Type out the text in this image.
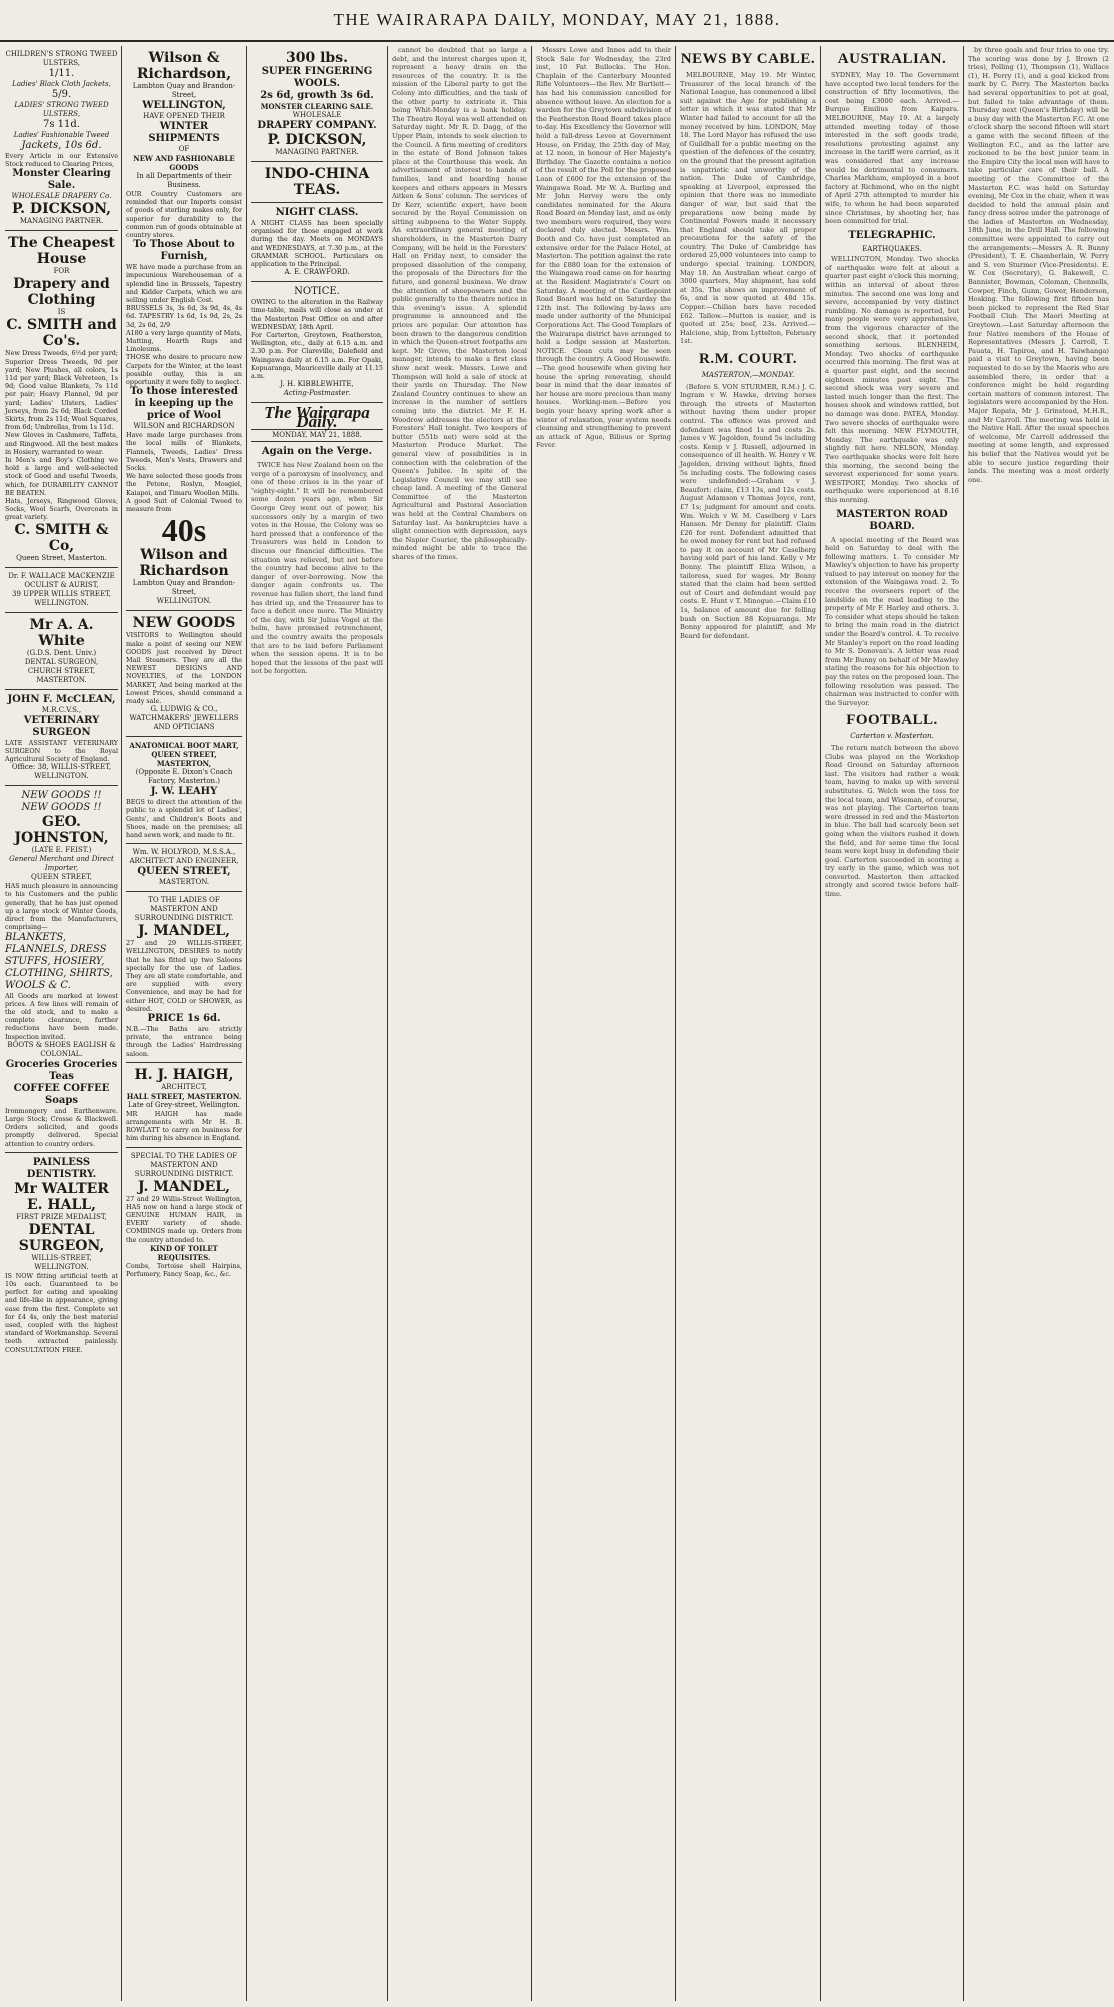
THE WAIRARAPA DAILY, MONDAY, MAY 21, 1888.
CHILDREN'S STRONG TWEED
ULSTERS,
1/11.
Ladies' Black Cloth Jackets,
5/9.
LADIES' STRONG TWEED ULSTERS,
7s 11d.
Ladies' Fashionable Tweed
Jackets, 10s 6d.
Every Article in our Extensive Stock reduced to Clearing Prices,
Monster Clearing Sale.
WHOLESALE DRAPERY Co.
P. DICKSON,
MANAGING PARTNER.
The Cheapest House
FOR
Drapery and Clothing
IS
C. SMITH and Co's.
New Dress Tweeds, 6½d per yard; Superior Dress Tweeds, 9d per yard; New Plushes, all colors, 1s 11d per yard; Black Velveteen, 1s 9d; Good value Blankets, 7s 11d per pair; Heavy Flannel, 9d per yard; Ladies' Ulsters, Ladies' Jerseys, from 2s 6d; Black Corded Skirts, from 2s 11d; Wool Squares, from 6d; Umbrellas, from 1s 11d.
New Gloves in Cashmere, Taffeta, and Ringwood. All the best makes in Hosiery, warranted to wear.
In Men's and Boy's Clothing we hold a large and well-selected stock of Good and useful Tweeds, which, for DURABILITY CANNOT BE BEATEN.
Hats, Jerseys, Ringwood Gloves, Socks, Wool Scarfs, Overcoats in great variety.
C. SMITH & Co,
Queen Street, Masterton.
Dr. F. WALLACE MACKENZIE
OCULIST & AURIST,
39 UPPER WILLIS STREET, WELLINGTON.
Mr A. A. White
(G.D.S. Dent. Univ.)
DENTAL SURGEON,
CHURCH STREET, MASTERTON.
JOHN F. McCLEAN,
M.R.C.V.S.,
VETERINARY SURGEON
LATE ASSISTANT VETERINARY SURGEON to the Royal Agricultural Society of England.
Office: 38, WILLIS-STREET, WELLINGTON.
NEW GOODS !!
NEW GOODS !!
GEO. JOHNSTON,
(LATE E. FEIST.)
General Merchant and Direct Importer,
QUEEN STREET,
HAS much pleasure in announcing to his Customers and the public generally, that he has just opened up a large stock of Winter Goods, direct from the Manufacturers, comprising—
BLANKETS, FLANNELS, DRESS STUFFS, HOSIERY, CLOTHING, SHIRTS, WOOLS & C.
All Goods are marked at lowest prices. A few lines will remain of the old stock, and to make a complete clearance, further reductions have been made. Inspection invited.
BOOTS & SHOES EAGLISH & COLONIAL.
Groceries Groceries
Teas
COFFEE COFFEE
Soaps
Ironmongery and Earthenware. Large Stock; Crosse & Blackwell. Orders solicited, and goods promptly delivered. Special attention to country orders.
PAINLESS DENTISTRY.
Mr WALTER E. HALL,
FIRST PRIZE MEDALIST,
DENTAL SURGEON,
WILLIS-STREET, WELLINGTON.
IS NOW fitting artificial teeth at 10s each. Guaranteed to be perfect for eating and speaking and life-like in appearance, giving ease from the first. Complete set for £4 4s, only the best material used, coupled with the highest standard of Workmanship. Several teeth extracted painlessly. CONSULTATION FREE.
Wilson & Richardson,
Lambton Quay and Brandon-Street,
WELLINGTON,
HAVE OPENED THEIR
WINTER SHIPMENTS
OF
NEW AND FASHIONABLE GOODS
In all Departments of their Business.
OUR Country Customers are reminded that our Imports consist of goods of sterling makes only, for superior for durability to the common run of goods obtainable at country stores.
To Those About to Furnish,
WE have made a purchase from an impecunious Warehouseman of a splendid line in Brussels, Tapestry and Kidder Carpets, which we are selling under English Cost.
BRUSSELS 3s, 3s 6d, 3s 9d, 4s, 4s 6d. TAPESTRY 1s 6d, 1s 9d, 2s, 2s 3d, 2s 6d, 2/9
A180 a very large quantity of Mats, Matting, Hearth Rugs and Linoleums.
THOSE who desire to procure new Carpets for the Winter, at the least possible outlay, this is an opportunity it were folly to neglect.
To those interested in keeping up the price of Wool
WILSON and RICHARDSON
Have made large purchases from the local mills of Blankets, Flannels, Tweeds, Ladies' Dress Tweeds, Men's Vests, Drawers and Socks.
We have selected these goods from the Petone, Roslyn, Mosgiel, Kaiapoi, and Timaru Woollen Mills.
A good Suit of Colonial Tweed to measure from
40s
Wilson and Richardson
Lambton Quay and Brandon-Street,
WELLINGTON.
NEW GOODS
VISITORS to Wellington should make a point of seeing our NEW GOODS just received by Direct Mail Steamers. They are all the NEWEST DESIGNS AND NOVELTIES, of the LONDON MARKET, And being marked at the Lowest Prices, should command a ready sale.
G. LUDWIG & CO.,
WATCHMAKERS' JEWELLERS AND OPTICIANS
ANATOMICAL BOOT MART, QUEEN STREET, MASTERTON,
(Opposite E. Dixon's Coach Factory, Masterton.)
J. W. LEAHY
BEGS to direct the attention of the public to a splendid lot of Ladies', Gents', and Children's Boots and Shoes, made on the premises; all hand sewn work, and made to fit.
Wm. W. HOLYROD, M.S.S.A.,
ARCHITECT AND ENGINEER,
QUEEN STREET,
MASTERTON.
TO THE LADIES OF MASTERTON AND SURROUNDING DISTRICT.
J. MANDEL,
27 and 29 WILLIS-STREET, WELLINGTON, DESIRES to notify that he has fitted up two Saloons specially for the use of Ladies. They are all state comfortable, and are supplied with every Convenience, and may be had for either HOT, COLD or SHOWER, as desired.
PRICE 1s 6d.
N.B.—The Baths are strictly private, the entrance being through the Ladies' Hairdressing saloon.
H. J. HAIGH,
ARCHITECT,
HALL STREET, MASTERTON.
Late of Grey-street, Wellington.
MR HAIGH has made arrangements with Mr H. B. ROWLATT to carry on business for him during his absence in England.
SPECIAL TO THE LADIES OF MASTERTON AND SURROUNDING DISTRICT.
J. MANDEL,
27 and 29 Willis-Street Wellington, HAS now on hand a large stock of GENUINE HUMAN HAIR, in EVERY variety of shade. COMBINGS made up. Orders from the country attended to.
KIND OF TOILET REQUISITES.
Combs, Tortoise shell Hairpins, Perfumery, Fancy Soap, &c., &c.
300 lbs.
SUPER FINGERING WOOLS.
2s 6d, growth 3s 6d.
MONSTER CLEARING SALE.
WHOLESALE
DRAPERY COMPANY.
P. DICKSON,
MANAGING PARTNER.
INDO-CHINA TEAS.
NIGHT CLASS.
A NIGHT CLASS has been specially organised for those engaged at work during the day. Meets on MONDAYS and WEDNESDAYS, at 7.30 p.m., at the GRAMMAR SCHOOL. Particulars on application to the Principal.
A. E. CRAWFORD.
NOTICE.
OWING to the alteration in the Railway time-table, mails will close as under at the Masterton Post Office on and after WEDNESDAY, 18th April.
For Carterton, Greytown, Featherston, Wellington, etc., daily at 6.15 a.m. and 2.30 p.m. For Clareville, Dalefield and Waingawa daily at 6.15 a.m. For Opaki, Kopuaranga, Mauriceville daily at 11.15 a.m.
J. H. KIBBLEWHITE,
Acting-Postmaster.
The Wairarapa Daily.
MONDAY, MAY 21, 1888.
Again on the Verge.

TWICE has New Zealand been on the verge of a paroxysm of insolvency, and one of these crises is in the year of "eighty-eight." It will be remembered some dozen years ago, when Sir George Grey went out of power, his successors only by a margin of two votes in the House, the Colony was so hard pressed that a conference of the Treasurers was held in London to discuss our financial difficulties. The situation was relieved, but not before the country had become alive to the danger of over-borrowing. Now the danger again confronts us. The revenue has fallen short, the land fund has dried up, and the Treasurer has to face a deficit once more. The Ministry of the day, with Sir Julius Vogel at the helm, have promised retrenchment, and the country awaits the proposals that are to be laid before Parliament when the session opens. It is to be hoped that the lessons of the past will not be forgotten.

cannot be doubted that so large a debt, and the interest charges upon it, represent a heavy drain on the resources of the country. It is the mission of the Liberal party to get the Colony into difficulties, and the task of the other party to extricate it. This being Whit-Monday is a bank holiday. The Theatre Royal was well attended on Saturday night. Mr R. D. Dagg, of the Upper Plain, intends to seek election to the Council. A firm meeting of creditors in the estate of Bond Johnson takes place at the Courthouse this week. An advertisement of interest to hands of families, land and boarding house keepers and others appears in Messrs Aitken & Sons' column. The services of Dr Kerr, scientific expert, have been secured by the Royal Commission on sitting subpoena to the Water Supply. An extraordinary general meeting of shareholders, in the Masterton Dairy Company, will be held in the Foresters' Hall on Friday next, to consider the proposed dissolution of the company, the proposals of the Directors for the future, and general business. We draw the attention of sheepowners and the public generally to the theatre notice in this evening's issue. A splendid programme is announced and the prices are popular. Our attention has been drawn to the dangerous condition in which the Queen-street footpaths are kept. Mr Grove, the Masterton local manager, intends to make a first class show next week. Messrs. Lowe and Thompson will hold a sale of stock at their yards on Thursday. The New Zealand Country continues to shew an increase in the number of settlers coming into the district. Mr F. H. Woodrow addresses the electors at the Foresters' Hall tonight. Two keepers of butter (551b net) were sold at the Masterton Produce Market. The general view of possibilities is in connection with the celebration of the Queen's Jubilee. In spite of the Legislative Council we may still see cheap land. A meeting of the General Committee of the Masterton Agricultural and Pastoral Association was held at the Central Chambers on Saturday last. As bankruptcies have a slight connection with depression, says the Napier Courier, the philosophically-minded might be able to trace the shares of the times.

Messrs Lowe and Innes add to their Stock Sale for Wednesday, the 23rd inst, 10 Fat Bullocks. The Hon. Chaplain of the Canterbury Mounted Rifle Volunteers—the Rev. Mr Bartlett—has had his commission cancelled for absence without leave. An election for a warden for the Greytown subdivision of the Featherston Road Board takes place to-day. His Excellency the Governor will hold a full-dress Levee at Government House, on Friday, the 25th day of May, at 12 noon, in honour of Her Majesty's Birthday. The Gazette contains a notice of the result of the Poll for the proposed Loan of £600 for the extension of the Waingawa Road. Mr W. A. Burling and Mr John Hervey were the only candidates nominated for the Akura Road Board on Monday last, and as only two members were required, they were declared duly elected. Messrs. Wm. Booth and Co. have just completed an extensive order for the Palace Hotel, at Masterton. The petition against the rate for the £880 loan for the extension of the Waingawa road came on for hearing at the Resident Magistrate's Court on Saturday. A meeting of the Castlepoint Road Board was held on Saturday the 12th inst. The following by-laws are made under authority of the Municipal Corporations Act. The Good Templars of the Wairarapa district have arranged to hold a Lodge session at Masterton. NOTICE. Clean cuts may be seen through the country. A Good Housewife.—The good housewife when giving her house the spring renovating, should bear in mind that the dear inmates of her house are more precious than many houses. Working-men.—Before you begin your heavy spring work after a winter of relaxation, your system needs cleansing and strengthening to prevent an attack of Ague, Bilious or Spring Fever.

NEWS BY CABLE.

MELBOURNE, May 19. Mr Winter, Treasurer of the local branch of the National League, has commenced a libel suit against the Age for publishing a letter in which it was stated that Mr Winter had failed to account for all the money received by him. LONDON, May 18. The Lord Mayor has refused the use of Guildhall for a public meeting on the question of the defences of the country, on the ground that the present agitation is unpatriotic and unworthy of the nation. The Duke of Cambridge, speaking at Liverpool, expressed the opinion that there was no immediate danger of war, but said that the preparations now being made by Continental Powers made it necessary that England should take all proper precautions for the safety of the country. The Duke of Cambridge has ordered 25,000 volunteers into camp to undergo special training. LONDON, May 18. An Australian wheat cargo of 3000 quarters, May shipment, has sold at 35s. The shows an improvement of 6s, and is now quoted at 48d 15s. Copper.—Chilian bars have receded £62. Tallow.—Mutton is easier, and is quoted at 25s; beef, 23s. Arrived.—Halcione, ship, from Lyttelton, February 1st.

R.M. COURT.
MASTERTON,—MONDAY.

(Before S. VON STURMER, R.M.) J. C. Ingram v W. Hawke, driving horses through the streets of Masterton without having them under proper control. The offence was proved and defendant was fined 1s and costs 2s. James v W. Jagolden, found 5s including costs. Kemp v J. Russell, adjourned in consequence of ill health. W. Henry v W. Jagolden, driving without lights, fined 5s including costs. The following cases were undefended:—Graham v J. Beaufort: claim, £13 13s, and 12s costs. August Adamson v Thomas Joyce, rent, £7 1s; judgment for amount and costs. Wm. Welch v W. M. Caselberg v Lars Hansen. Mr Denny for plaintiff. Claim £26 for rent. Defendant admitted that he owed money for rent but had refused to pay it on account of Mr Caselberg having sold part of his land. Kelly v Mr Bonny. The plaintiff Eliza Wilson, a tailoress, sued for wages. Mr Bonny stated that the claim had been settled out of Court and defendant would pay costs. E. Hunt v T. Minogue.—Claim £10 1s, balance of amount due for felling bush on Section 88 Kopuaranga. Mr Bonny appeared for plaintiff, and Mr Beard for defendant.

AUSTRALIAN.

SYDNEY, May 19. The Government have accepted two local tenders for the construction of fifty locomotives, the cost being £3000 each. Arrived.—Burque Emilius from Kaipara. MELBOURNE, May 19. At a largely attended meeting today of those interested in the soft goods trade, resolutions protesting against any increase in the tariff were carried, as it was considered that any increase would be detrimental to consumers. Charles Markham, employed in a boot factory at Richmond, who on the night of April 27th attempted to murder his wife, to whom he had been separated since Christmas, by shooting her, has been committed for trial.

TELEGRAPHIC.
EARTHQUAKES.

WELLINGTON, Monday. Two shocks of earthquake were felt at about a quarter past eight o'clock this morning, within an interval of about three minutes. The second one was long and severe, accompanied by very distinct rumbling. No damage is reported, but many people were very apprehensive, from the vigorous character of the second shock, that it portended something serious. BLENHEIM, Monday. Two shocks of earthquake occurred this morning. The first was at a quarter past eight, and the second eighteen minutes past eight. The second shock was very severe and lasted much longer than the first. The houses shook and windows rattled, but no damage was done. PATEA, Monday. Two severe shocks of earthquake were felt this morning. NEW PLYMOUTH, Monday. The earthquake was only slightly felt here. NELSON, Monday. Two earthquake shocks were felt here this morning, the second being the severest experienced for some years. WESTPORT, Monday. Two shocks of earthquake were experienced at 8.16 this morning.

MASTERTON ROAD BOARD.

A special meeting of the Board was held on Saturday to deal with the following matters. 1. To consider Mr Mawley's objection to have his property valued to pay interest on money for the extension of the Waingawa road. 2. To receive the overseers report of the landslide on the road leading to the property of Mr F. Harley and others. 3. To consider what steps should be taken to bring the main road in the district under the Board's control. 4. To receive Mr Stanley's report on the road leading to Mr S. Donovan's. A letter was read from Mr Bunny on behalf of Mr Mawley stating the reasons for his objection to pay the rates on the proposed loan. The following resolution was passed. The chairman was instructed to confer with the Surveyor.

FOOTBALL.
Carterton v. Masterton.

The return match between the above Clubs was played on the Workshop Road Ground on Saturday afternoon last. The visitors had rather a weak team, having to make up with several substitutes. G. Welch won the toss for the local team, and Wiseman, of course, was not playing. The Carterton team were dressed in red and the Masterton in blue. The ball had scarcely been set going when the visitors rushed it down the field, and for some time the local team were kept busy in defending their goal. Carterton succeeded in scoring a try early in the game, which was not converted. Masterton then attacked strongly and scored twice before half-time.

by three goals and four tries to one try. The scoring was done by J. Brown (2 tries), Polling (1), Thompson (1), Wallace (1), H. Perry (1), and a goal kicked from mark by C. Perry. The Masterton backs had several opportunities to pot at goal, but failed to take advantage of them. Thursday next (Queen's Birthday) will be a busy day with the Masterton F.C. At one o'clock sharp the second fifteen will start a game with the second fifteen of the Wellington F.C., and as the latter are reckoned to be the best junior team in the Empire City the local men will have to take particular care of their ball. A meeting of the Committee of the Masterton F.C. was held on Saturday evening, Mr Cox in the chair, when it was decided to hold the annual plain and fancy dress soiree under the patronage of the ladies of Masterton on Wednesday, 18th June, in the Drill Hall. The following committee were appointed to carry out the arrangements:—Messrs A. R. Bunny (President), T. E. Chamberlain, W. Perry and S. von Sturmer (Vice-Presidents). E. W. Cox (Secretary), G. Bakewell, C. Bannister, Bowman, Coleman, Chennells, Cowper, Finch, Gunn, Gower, Henderson, Hosking. The following first fifteen has been picked to represent the Red Star Football Club. The Maori Meeting at Greytown.—Last Saturday afternoon the four Native members of the House of Representatives (Messrs J. Carroll, T. Pauata, H. Tapiroa, and H. Taiwhanga) paid a visit to Greytown, having been requested to do so by the Maoris who are assembled there, in order that a conference might be held regarding certain matters of common interest. The legislators were accompanied by the Hon. Major Ropata, Mr J. Grinstead, M.H.R., and Mr Carroll. The meeting was held in the Native Hall. After the usual speeches of welcome, Mr Carroll addressed the meeting at some length, and expressed his belief that the Natives would yet be able to secure justice regarding their lands. The meeting was a most orderly one.
